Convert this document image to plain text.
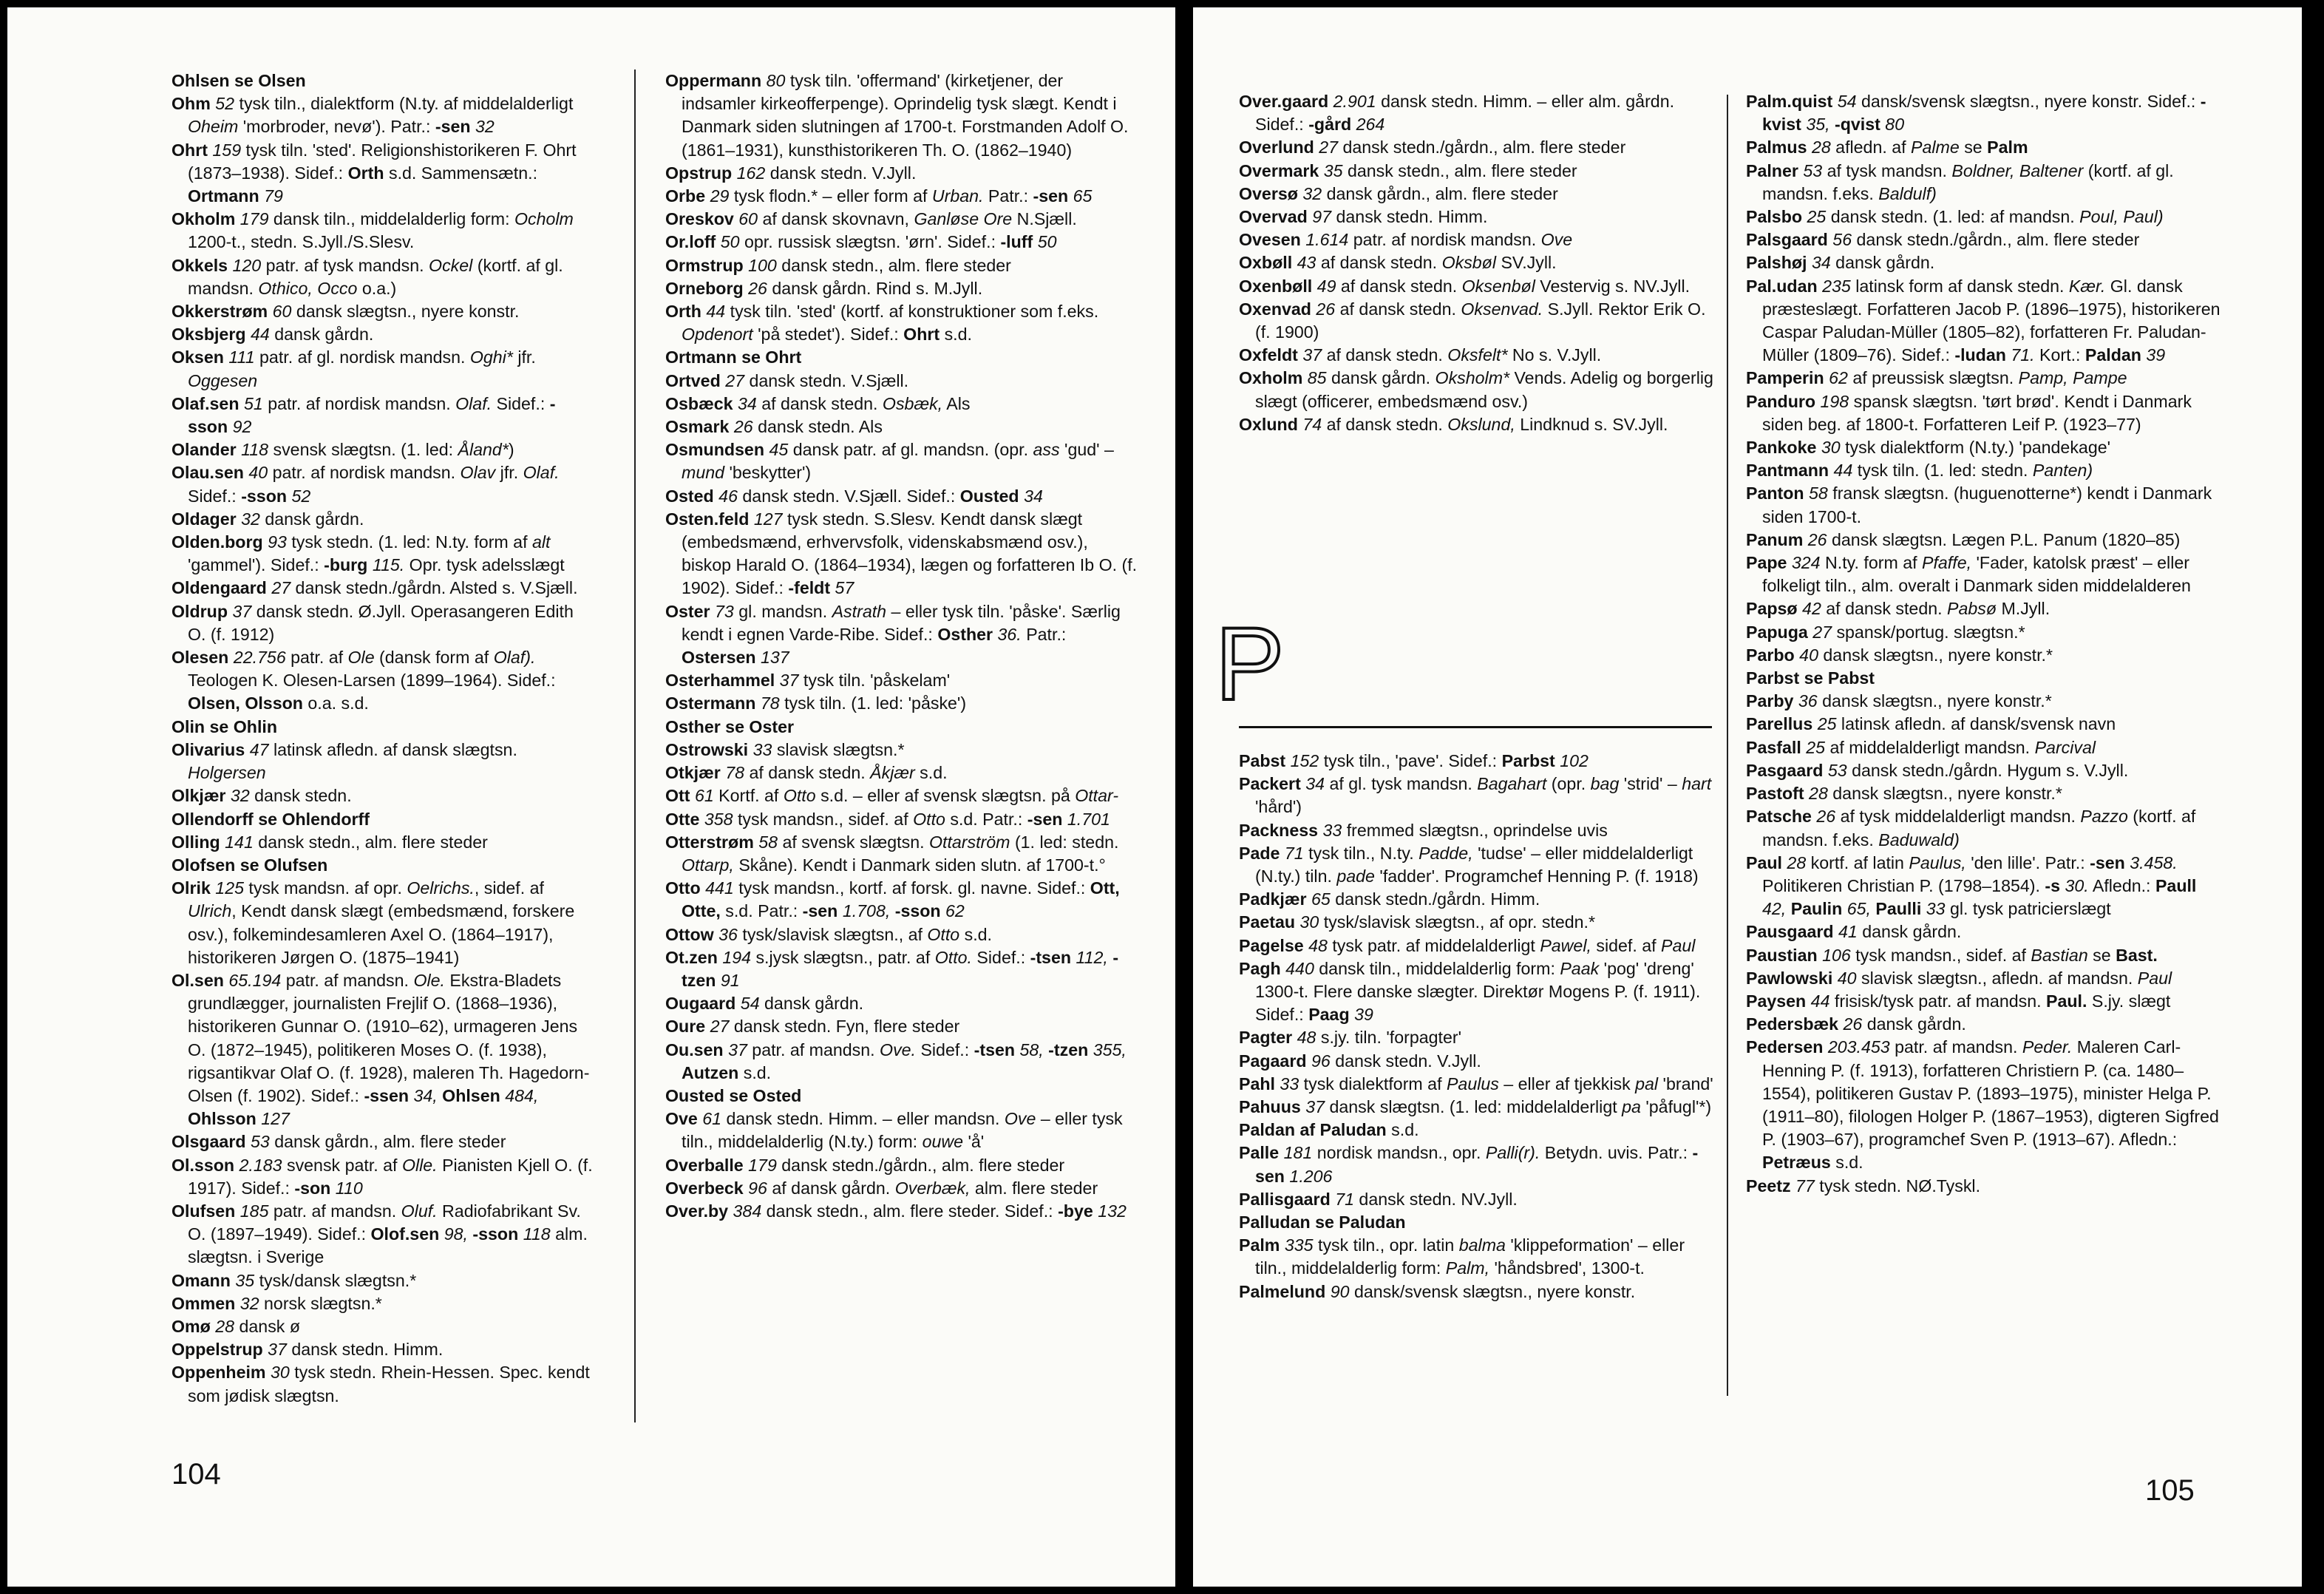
Ohlsen se Olsen
Ohm 52 tysk tiln., dialektform (N.ty. af middelalderligt Oheim 'morbroder, nevø'). Patr.: -sen 32
Ohrt 159 tysk tiln. 'sted'. Religionshistorikeren F. Ohrt (1873–1938). Sidef.: Orth s.d. Sammensætn.: Ortmann 79
Okholm 179 dansk tiln., middelalderlig form: Ocholm 1200-t., stedn. S.Jyll./S.Slesv.
Okkels 120 patr. af tysk mandsn. Ockel (kortf. af gl. mandsn. Othico, Occo o.a.)
Okkerstrøm 60 dansk slægtsn., nyere konstr.
Oksbjerg 44 dansk gårdn.
Oksen 111 patr. af gl. nordisk mandsn. Oghi* jfr. Oggesen
Olaf.sen 51 patr. af nordisk mandsn. Olaf. Sidef.: -sson 92
Olander 118 svensk slægtsn. (1. led: Åland*)
Olau.sen 40 patr. af nordisk mandsn. Olav jfr. Olaf. Sidef.: -sson 52
Oldager 32 dansk gårdn.
Olden.borg 93 tysk stedn. (1. led: N.ty. form af alt 'gammel'). Sidef.: -burg 115. Opr. tysk adelsslægt
Oldengaard 27 dansk stedn./gårdn. Alsted s. V.Sjæll.
Oldrup 37 dansk stedn. Ø.Jyll. Operasangeren Edith O. (f. 1912)
Olesen 22.756 patr. af Ole (dansk form af Olaf). Teologen K. Olesen-Larsen (1899–1964). Sidef.: Olsen, Olsson o.a. s.d.
Olin se Ohlin
Olivarius 47 latinsk afledn. af dansk slægtsn. Holgersen
Olkjær 32 dansk stedn.
Ollendorff se Ohlendorff
Olling 141 dansk stedn., alm. flere steder
Olofsen se Olufsen
Olrik 125 tysk mandsn. af opr. Oelrichs., sidef. af Ulrich, Kendt dansk slægt (embedsmænd, forskere osv.), folkemindesamleren Axel O. (1864–1917), historikeren Jørgen O. (1875–1941)
Ol.sen 65.194 patr. af mandsn. Ole. Ekstra-Bladets grundlægger, journalisten Frejlif O. (1868–1936), historikeren Gunnar O. (1910–62), urmageren Jens O. (1872–1945), politikeren Moses O. (f. 1938), rigsantikvar Olaf O. (f. 1928), maleren Th. Hagedorn-Olsen (f. 1902). Sidef.: -ssen 34, Ohlsen 484, Ohlsson 127
Olsgaard 53 dansk gårdn., alm. flere steder
Ol.sson 2.183 svensk patr. af Olle. Pianisten Kjell O. (f. 1917). Sidef.: -son 110
Olufsen 185 patr. af mandsn. Oluf. Radiofabrikant Sv. O. (1897–1949). Sidef.: Olof.sen 98, -sson 118 alm. slægtsn. i Sverige
Omann 35 tysk/dansk slægtsn.*
Ommen 32 norsk slægtsn.*
Omø 28 dansk ø
Oppelstrup 37 dansk stedn. Himm.
Oppenheim 30 tysk stedn. Rhein-Hessen. Spec. kendt som jødisk slægtsn.
Oppermann 80 tysk tiln. 'offermand' (kirketjener, der indsamler kirkeofferpenge). Oprindelig tysk slægt. Kendt i Danmark siden slutningen af 1700-t. Forstmanden Adolf O. (1861–1931), kunsthistorikeren Th. O. (1862–1940)
Opstrup 162 dansk stedn. V.Jyll.
Orbe 29 tysk flodn.* – eller form af Urban. Patr.: -sen 65
Oreskov 60 af dansk skovnavn, Ganløse Ore N.Sjæll.
Or.loff 50 opr. russisk slægtsn. 'ørn'. Sidef.: -luff 50
Ormstrup 100 dansk stedn., alm. flere steder
Orneborg 26 dansk gårdn. Rind s. M.Jyll.
Orth 44 tysk tiln. 'sted' (kortf. af konstruktioner som f.eks. Opdenort 'på stedet'). Sidef.: Ohrt s.d.
Ortmann se Ohrt
Ortved 27 dansk stedn. V.Sjæll.
Osbæck 34 af dansk stedn. Osbæk, Als
Osmark 26 dansk stedn. Als
Osmundsen 45 dansk patr. af gl. mandsn. (opr. ass 'gud' – mund 'beskytter')
Osted 46 dansk stedn. V.Sjæll. Sidef.: Ousted 34
Osten.feld 127 tysk stedn. S.Slesv. Kendt dansk slægt (embedsmænd, erhvervsfolk, videnskabsmænd osv.), biskop Harald O. (1864–1934), lægen og forfatteren Ib O. (f. 1902). Sidef.: -feldt 57
Oster 73 gl. mandsn. Astrath – eller tysk tiln. 'påske'. Særlig kendt i egnen Varde-Ribe. Sidef.: Osther 36. Patr.: Ostersen 137
Osterhammel 37 tysk tiln. 'påskelam'
Ostermann 78 tysk tiln. (1. led: 'påske')
Osther se Oster
Ostrowski 33 slavisk slægtsn.*
Otkjær 78 af dansk stedn. Åkjær s.d.
Ott 61 Kortf. af Otto s.d. – eller af svensk slægtsn. på Ottar-
Otte 358 tysk mandsn., sidef. af Otto s.d. Patr.: -sen 1.701
Otterstrøm 58 af svensk slægtsn. Ottarström (1. led: stedn. Ottarp, Skåne). Kendt i Danmark siden slutn. af 1700-t.°
Otto 441 tysk mandsn., kortf. af forsk. gl. navne. Sidef.: Ott, Otte, s.d. Patr.: -sen 1.708, -sson 62
Ottow 36 tysk/slavisk slægtsn., af Otto s.d.
Ot.zen 194 s.jysk slægtsn., patr. af Otto. Sidef.: -tsen 112, -tzen 91
Ougaard 54 dansk gårdn.
Oure 27 dansk stedn. Fyn, flere steder
Ou.sen 37 patr. af mandsn. Ove. Sidef.: -tsen 58, -tzen 355, Autzen s.d.
Ousted se Osted
Ove 61 dansk stedn. Himm. – eller mandsn. Ove – eller tysk tiln., middelalderlig (N.ty.) form: ouwe 'å'
Overballe 179 dansk stedn./gårdn., alm. flere steder
Overbeck 96 af dansk gårdn. Overbæk, alm. flere steder
Over.by 384 dansk stedn., alm. flere steder. Sidef.: -bye 132
104
Over.gaard 2.901 dansk stedn. Himm. – eller alm. gårdn. Sidef.: -gård 264
Overlund 27 dansk stedn./gårdn., alm. flere steder
Overmark 35 dansk stedn., alm. flere steder
Oversø 32 dansk gårdn., alm. flere steder
Overvad 97 dansk stedn. Himm.
Ovesen 1.614 patr. af nordisk mandsn. Ove
Oxbøll 43 af dansk stedn. Oksbøl SV.Jyll.
Oxenbøll 49 af dansk stedn. Oksenbøl Vestervig s. NV.Jyll.
Oxenvad 26 af dansk stedn. Oksenvad. S.Jyll. Rektor Erik O. (f. 1900)
Oxfeldt 37 af dansk stedn. Oksfelt* No s. V.Jyll.
Oxholm 85 dansk gårdn. Oksholm* Vends. Adelig og borgerlig slægt (officerer, embedsmænd osv.)
Oxlund 74 af dansk stedn. Okslund, Lindknud s. SV.Jyll.
P
Pabst 152 tysk tiln., 'pave'. Sidef.: Parbst 102
Packert 34 af gl. tysk mandsn. Bagahart (opr. bag 'strid' – hart 'hård')
Packness 33 fremmed slægtsn., oprindelse uvis
Pade 71 tysk tiln., N.ty. Padde, 'tudse' – eller middelalderligt (N.ty.) tiln. pade 'fadder'. Programchef Henning P. (f. 1918)
Padkjær 65 dansk stedn./gårdn. Himm.
Paetau 30 tysk/slavisk slægtsn., af opr. stedn.*
Pagelse 48 tysk patr. af middelalderligt Pawel, sidef. af Paul
Pagh 440 dansk tiln., middelalderlig form: Paak 'pog' 'dreng' 1300-t. Flere danske slægter. Direktør Mogens P. (f. 1911). Sidef.: Paag 39
Pagter 48 s.jy. tiln. 'forpagter'
Pagaard 96 dansk stedn. V.Jyll.
Pahl 33 tysk dialektform af Paulus – eller af tjekkisk pal 'brand'
Pahuus 37 dansk slægtsn. (1. led: middelalderligt pa 'påfugl'*)
Paldan af Paludan s.d.
Palle 181 nordisk mandsn., opr. Palli(r). Betydn. uvis. Patr.: -sen 1.206
Pallisgaard 71 dansk stedn. NV.Jyll.
Palludan se Paludan
Palm 335 tysk tiln., opr. latin balma 'klippeformation' – eller tiln., middelalderlig form: Palm, 'håndsbred', 1300-t.
Palmelund 90 dansk/svensk slægtsn., nyere konstr.
Palm.quist 54 dansk/svensk slægtsn., nyere konstr. Sidef.: -kvist 35, -qvist 80
Palmus 28 afledn. af Palme se Palm
Palner 53 af tysk mandsn. Boldner, Baltener (kortf. af gl. mandsn. f.eks. Baldulf)
Palsbo 25 dansk stedn. (1. led: af mandsn. Poul, Paul)
Palsgaard 56 dansk stedn./gårdn., alm. flere steder
Palshøj 34 dansk gårdn.
Pal.udan 235 latinsk form af dansk stedn. Kær. Gl. dansk præsteslægt. Forfatteren Jacob P. (1896–1975), historikeren Caspar Paludan-Müller (1805–82), forfatteren Fr. Paludan-Müller (1809–76). Sidef.: -ludan 71. Kort.: Paldan 39
Pamperin 62 af preussisk slægtsn. Pamp, Pampe
Panduro 198 spansk slægtsn. 'tørt brød'. Kendt i Danmark siden beg. af 1800-t. Forfatteren Leif P. (1923–77)
Pankoke 30 tysk dialektform (N.ty.) 'pandekage'
Pantmann 44 tysk tiln. (1. led: stedn. Panten)
Panton 58 fransk slægtsn. (huguenotterne*) kendt i Danmark siden 1700-t.
Panum 26 dansk slægtsn. Lægen P.L. Panum (1820–85)
Pape 324 N.ty. form af Pfaffe, 'Fader, katolsk præst' – eller folkeligt tiln., alm. overalt i Danmark siden middelalderen
Papsø 42 af dansk stedn. Pabsø M.Jyll.
Papuga 27 spansk/portug. slægtsn.*
Parbo 40 dansk slægtsn., nyere konstr.*
Parbst se Pabst
Parby 36 dansk slægtsn., nyere konstr.*
Parellus 25 latinsk afledn. af dansk/svensk navn
Pasfall 25 af middelalderligt mandsn. Parcival
Pasgaard 53 dansk stedn./gårdn. Hygum s. V.Jyll.
Pastoft 28 dansk slægtsn., nyere konstr.*
Patsche 26 af tysk middelalderligt mandsn. Pazzo (kortf. af mandsn. f.eks. Baduwald)
Paul 28 kortf. af latin Paulus, 'den lille'. Patr.: -sen 3.458. Politikeren Christian P. (1798–1854). -s 30. Afledn.: Paull 42, Paulin 65, Paulli 33 gl. tysk patricierslægt
Pausgaard 41 dansk gårdn.
Paustian 106 tysk mandsn., sidef. af Bastian se Bast.
Pawlowski 40 slavisk slægtsn., afledn. af mandsn. Paul
Paysen 44 frisisk/tysk patr. af mandsn. Paul. S.jy. slægt
Pedersbæk 26 dansk gårdn.
Pedersen 203.453 patr. af mandsn. Peder. Maleren Carl-Henning P. (f. 1913), forfatteren Christiern P. (ca. 1480–1554), politikeren Gustav P. (1893–1975), minister Helga P. (1911–80), filologen Holger P. (1867–1953), digteren Sigfred P. (1903–67), programchef Sven P. (1913–67). Afledn.: Petræus s.d.
Peetz 77 tysk stedn. NØ.Tyskl.
105
